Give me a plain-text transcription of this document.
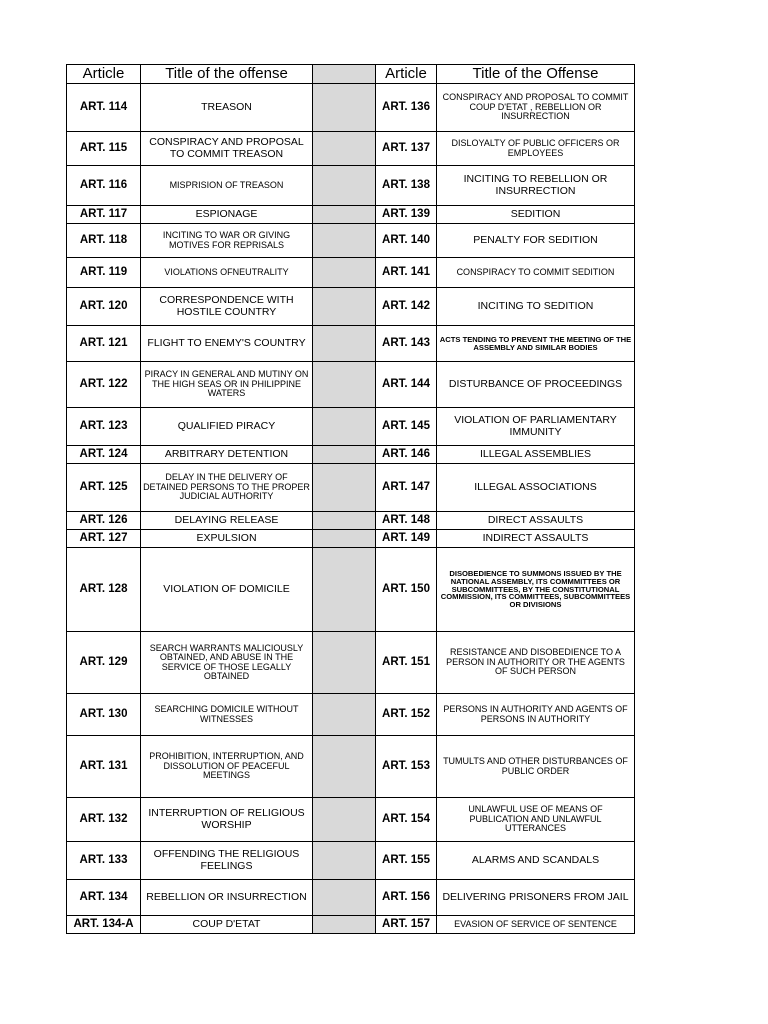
Article	Title of the offense		Article	Title of the Offense
ART. 114	TREASON		ART. 136	CONSPIRACY AND PROPOSAL TO COMMIT COUP D'ETAT , REBELLION OR INSURRECTION
ART. 115	CONSPIRACY AND PROPOSAL TO COMMIT TREASON		ART. 137	DISLOYALTY OF PUBLIC OFFICERS OR EMPLOYEES
ART. 116	MISPRISION OF TREASON		ART. 138	INCITING TO REBELLION OR INSURRECTION
ART. 117	ESPIONAGE		ART. 139	SEDITION
ART. 118	INCITING TO WAR OR GIVING MOTIVES FOR REPRISALS		ART. 140	PENALTY FOR SEDITION
ART. 119	VIOLATIONS OFNEUTRALITY		ART. 141	CONSPIRACY TO COMMIT SEDITION
ART. 120	CORRESPONDENCE WITH HOSTILE COUNTRY		ART. 142	INCITING TO SEDITION
ART. 121	FLIGHT TO ENEMY'S COUNTRY		ART. 143	ACTS TENDING TO PREVENT THE MEETING OF THE ASSEMBLY AND SIMILAR BODIES
ART. 122	PIRACY IN GENERAL AND MUTINY ON THE HIGH SEAS OR IN PHILIPPINE WATERS		ART. 144	DISTURBANCE OF PROCEEDINGS
ART. 123	QUALIFIED PIRACY		ART. 145	VIOLATION OF PARLIAMENTARY IMMUNITY
ART. 124	ARBITRARY DETENTION		ART. 146	ILLEGAL ASSEMBLIES
ART. 125	DELAY IN THE DELIVERY OF DETAINED PERSONS TO THE PROPER JUDICIAL AUTHORITY		ART. 147	ILLEGAL ASSOCIATIONS
ART. 126	DELAYING RELEASE		ART. 148	DIRECT ASSAULTS
ART. 127	EXPULSION		ART. 149	INDIRECT ASSAULTS
ART. 128	VIOLATION OF DOMICILE		ART. 150	DISOBEDIENCE TO SUMMONS ISSUED BY THE NATIONAL ASSEMBLY, ITS COMMMITTEES OR SUBCOMMITTEES, BY THE CONSTITUTIONAL COMMISSION, ITS COMMITTEES, SUBCOMMITTEES OR DIVISIONS
ART. 129	SEARCH WARRANTS MALICIOUSLY OBTAINED, AND ABUSE IN THE SERVICE OF THOSE LEGALLY OBTAINED		ART. 151	RESISTANCE AND DISOBEDIENCE TO A PERSON IN AUTHORITY OR THE AGENTS OF SUCH PERSON
ART. 130	SEARCHING DOMICILE WITHOUT WITNESSES		ART. 152	PERSONS IN AUTHORITY AND AGENTS OF PERSONS IN AUTHORITY
ART. 131	PROHIBITION, INTERRUPTION, AND DISSOLUTION OF PEACEFUL MEETINGS		ART. 153	TUMULTS AND OTHER DISTURBANCES OF PUBLIC ORDER
ART. 132	INTERRUPTION OF RELIGIOUS WORSHIP		ART. 154	UNLAWFUL USE OF MEANS OF PUBLICATION AND UNLAWFUL UTTERANCES
ART. 133	OFFENDING THE RELIGIOUS FEELINGS		ART. 155	ALARMS AND SCANDALS
ART. 134	REBELLION OR INSURRECTION		ART. 156	DELIVERING PRISONERS FROM JAIL
ART. 134-A	COUP D'ETAT		ART. 157	EVASION OF SERVICE OF SENTENCE
